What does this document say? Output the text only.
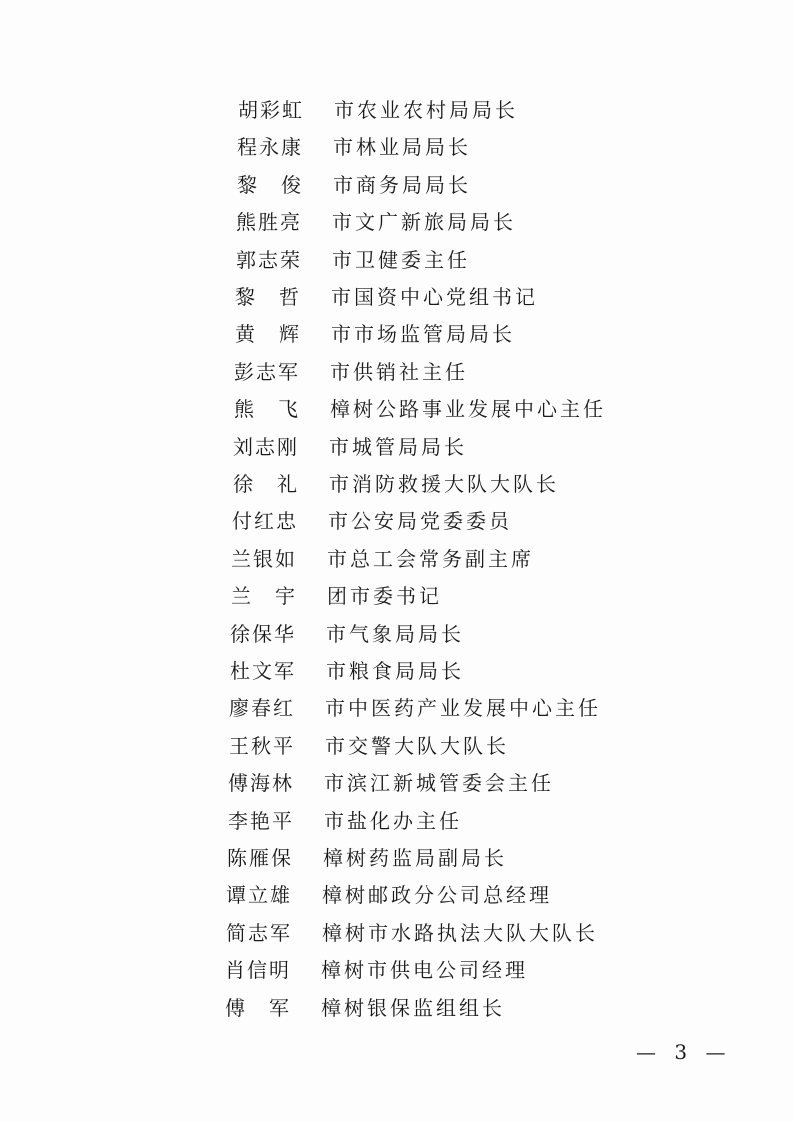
胡彩虹 市农业农村局局长
程永康 市林业局局长
黎 俊 市商务局局长
熊胜亮 市文广新旅局局长
郭志荣 市卫健委主任
黎 哲 市国资中心党组书记
黄 辉 市市场监管局局长
彭志军 市供销社主任
熊 飞 樟树公路事业发展中心主任
刘志刚 市城管局局长
徐 礼 市消防救援大队大队长
付红忠 市公安局党委委员
兰银如 市总工会常务副主席
兰 宇 团市委书记
徐保华 市气象局局长
杜文军 市粮食局局长
廖春红 市中医药产业发展中心主任
王秋平 市交警大队大队长
傅海林 市滨江新城管委会主任
李艳平 市盐化办主任
陈雁保 樟树药监局副局长
谭立雄 樟树邮政分公司总经理
简志军 樟树市水路执法大队大队长
肖信明 樟树市供电公司经理
傅 军 樟树银保监组组长
— 3 —
